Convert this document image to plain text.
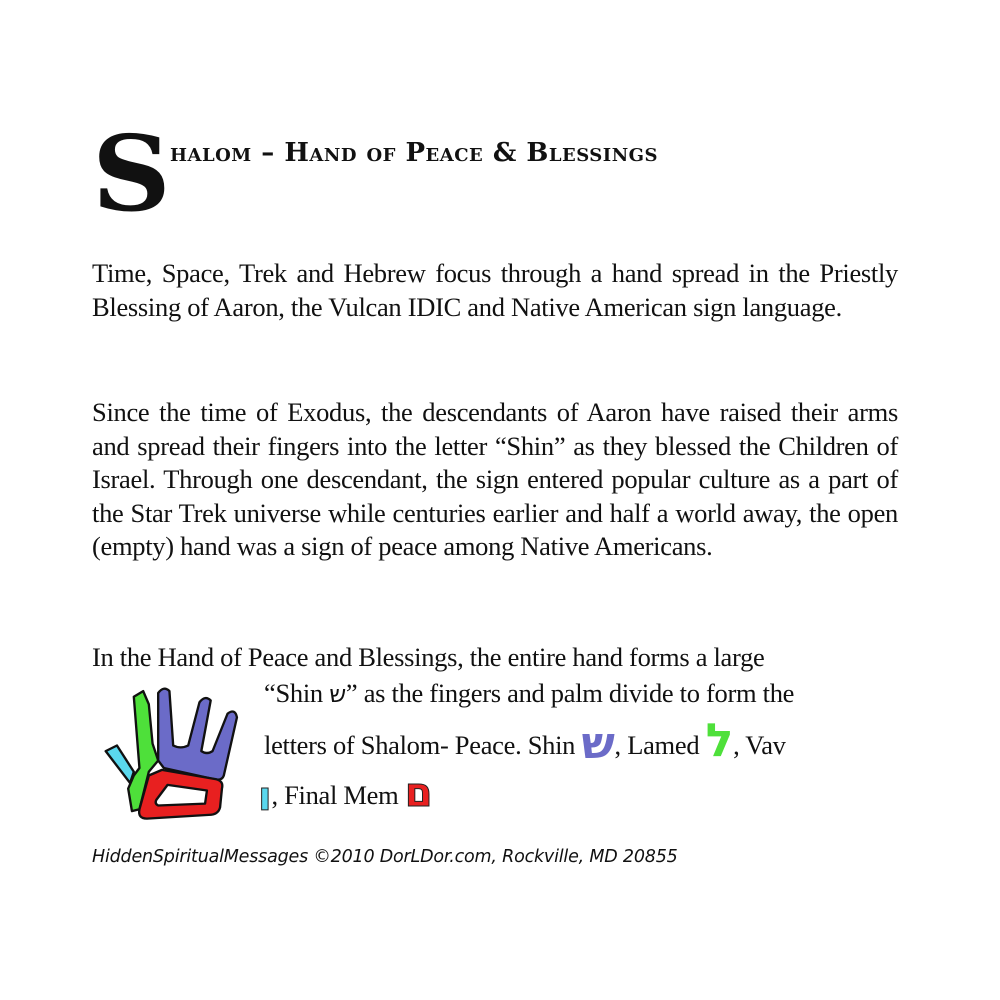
S halom – Hand of Peace & Blessings
Time, Space, Trek and Hebrew focus through a hand spread in the Priestly Blessing of Aaron, the Vulcan IDIC and Native American sign language.
Since the time of Exodus, the descendants of Aaron have raised their arms and spread their fingers into the letter “Shin” as they blessed the Children of Israel. Through one descendant, the sign entered popular culture as a part of the Star Trek universe while centuries earlier and half a world away, the open (empty) hand was a sign of peace among Native Americans.
In the Hand of Peace and Blessings, the entire hand forms a large
“Shin ש” as the fingers and palm divide to form the
letters of Shalom- Peace. Shin ש, Lamed ל, Vav
ו, Final Mem ם
HiddenSpiritualMessages ©2010 DorLDor.com, Rockville, MD 20855
